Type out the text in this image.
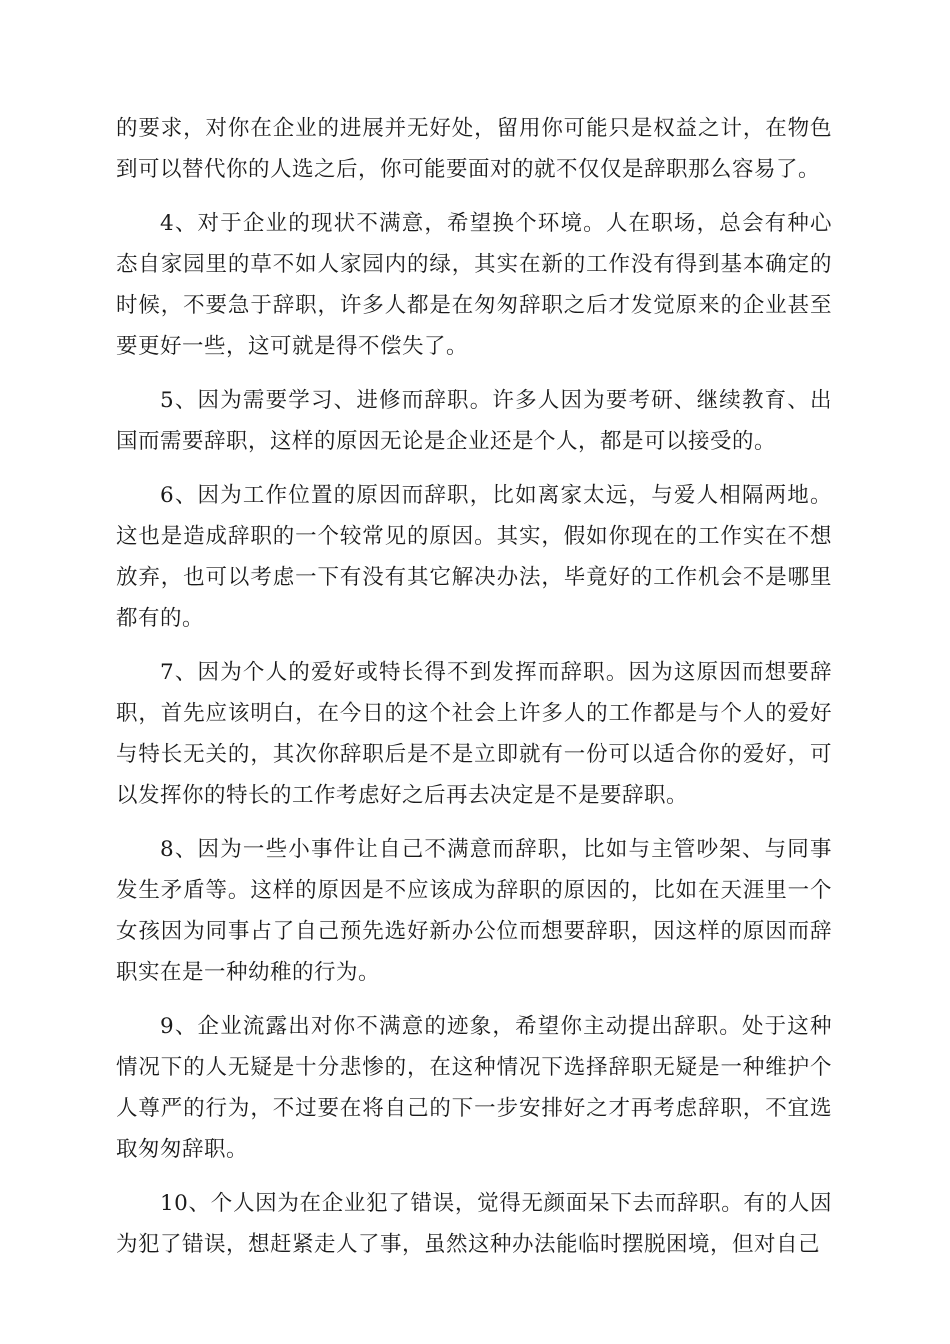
的要求，对你在企业的进展并无好处，留用你可能只是权益之计，在物色到可以替代你的人选之后，你可能要面对的就不仅仅是辞职那么容易了。

4、对于企业的现状不满意，希望换个环境。人在职场，总会有种心态自家园里的草不如人家园内的绿，其实在新的工作没有得到基本确定的时候，不要急于辞职，许多人都是在匆匆辞职之后才发觉原来的企业甚至要更好一些，这可就是得不偿失了。

5、因为需要学习、进修而辞职。许多人因为要考研、继续教育、出国而需要辞职，这样的原因无论是企业还是个人，都是可以接受的。

6、因为工作位置的原因而辞职，比如离家太远，与爱人相隔两地。这也是造成辞职的一个较常见的原因。其实，假如你现在的工作实在不想放弃，也可以考虑一下有没有其它解决办法，毕竟好的工作机会不是哪里都有的。

7、因为个人的爱好或特长得不到发挥而辞职。因为这原因而想要辞职，首先应该明白，在今日的这个社会上许多人的工作都是与个人的爱好与特长无关的，其次你辞职后是不是立即就有一份可以适合你的爱好，可以发挥你的特长的工作考虑好之后再去决定是不是要辞职。

8、因为一些小事件让自己不满意而辞职，比如与主管吵架、与同事发生矛盾等。这样的原因是不应该成为辞职的原因的，比如在天涯里一个女孩因为同事占了自己预先选好新办公位而想要辞职，因这样的原因而辞职实在是一种幼稚的行为。

9、企业流露出对你不满意的迹象，希望你主动提出辞职。处于这种情况下的人无疑是十分悲惨的，在这种情况下选择辞职无疑是一种维护个人尊严的行为，不过要在将自己的下一步安排好之才再考虑辞职，不宜选取匆匆辞职。

10、个人因为在企业犯了错误，觉得无颜面呆下去而辞职。有的人因为犯了错误，想赶紧走人了事，虽然这种办法能临时摆脱困境，但对自己
